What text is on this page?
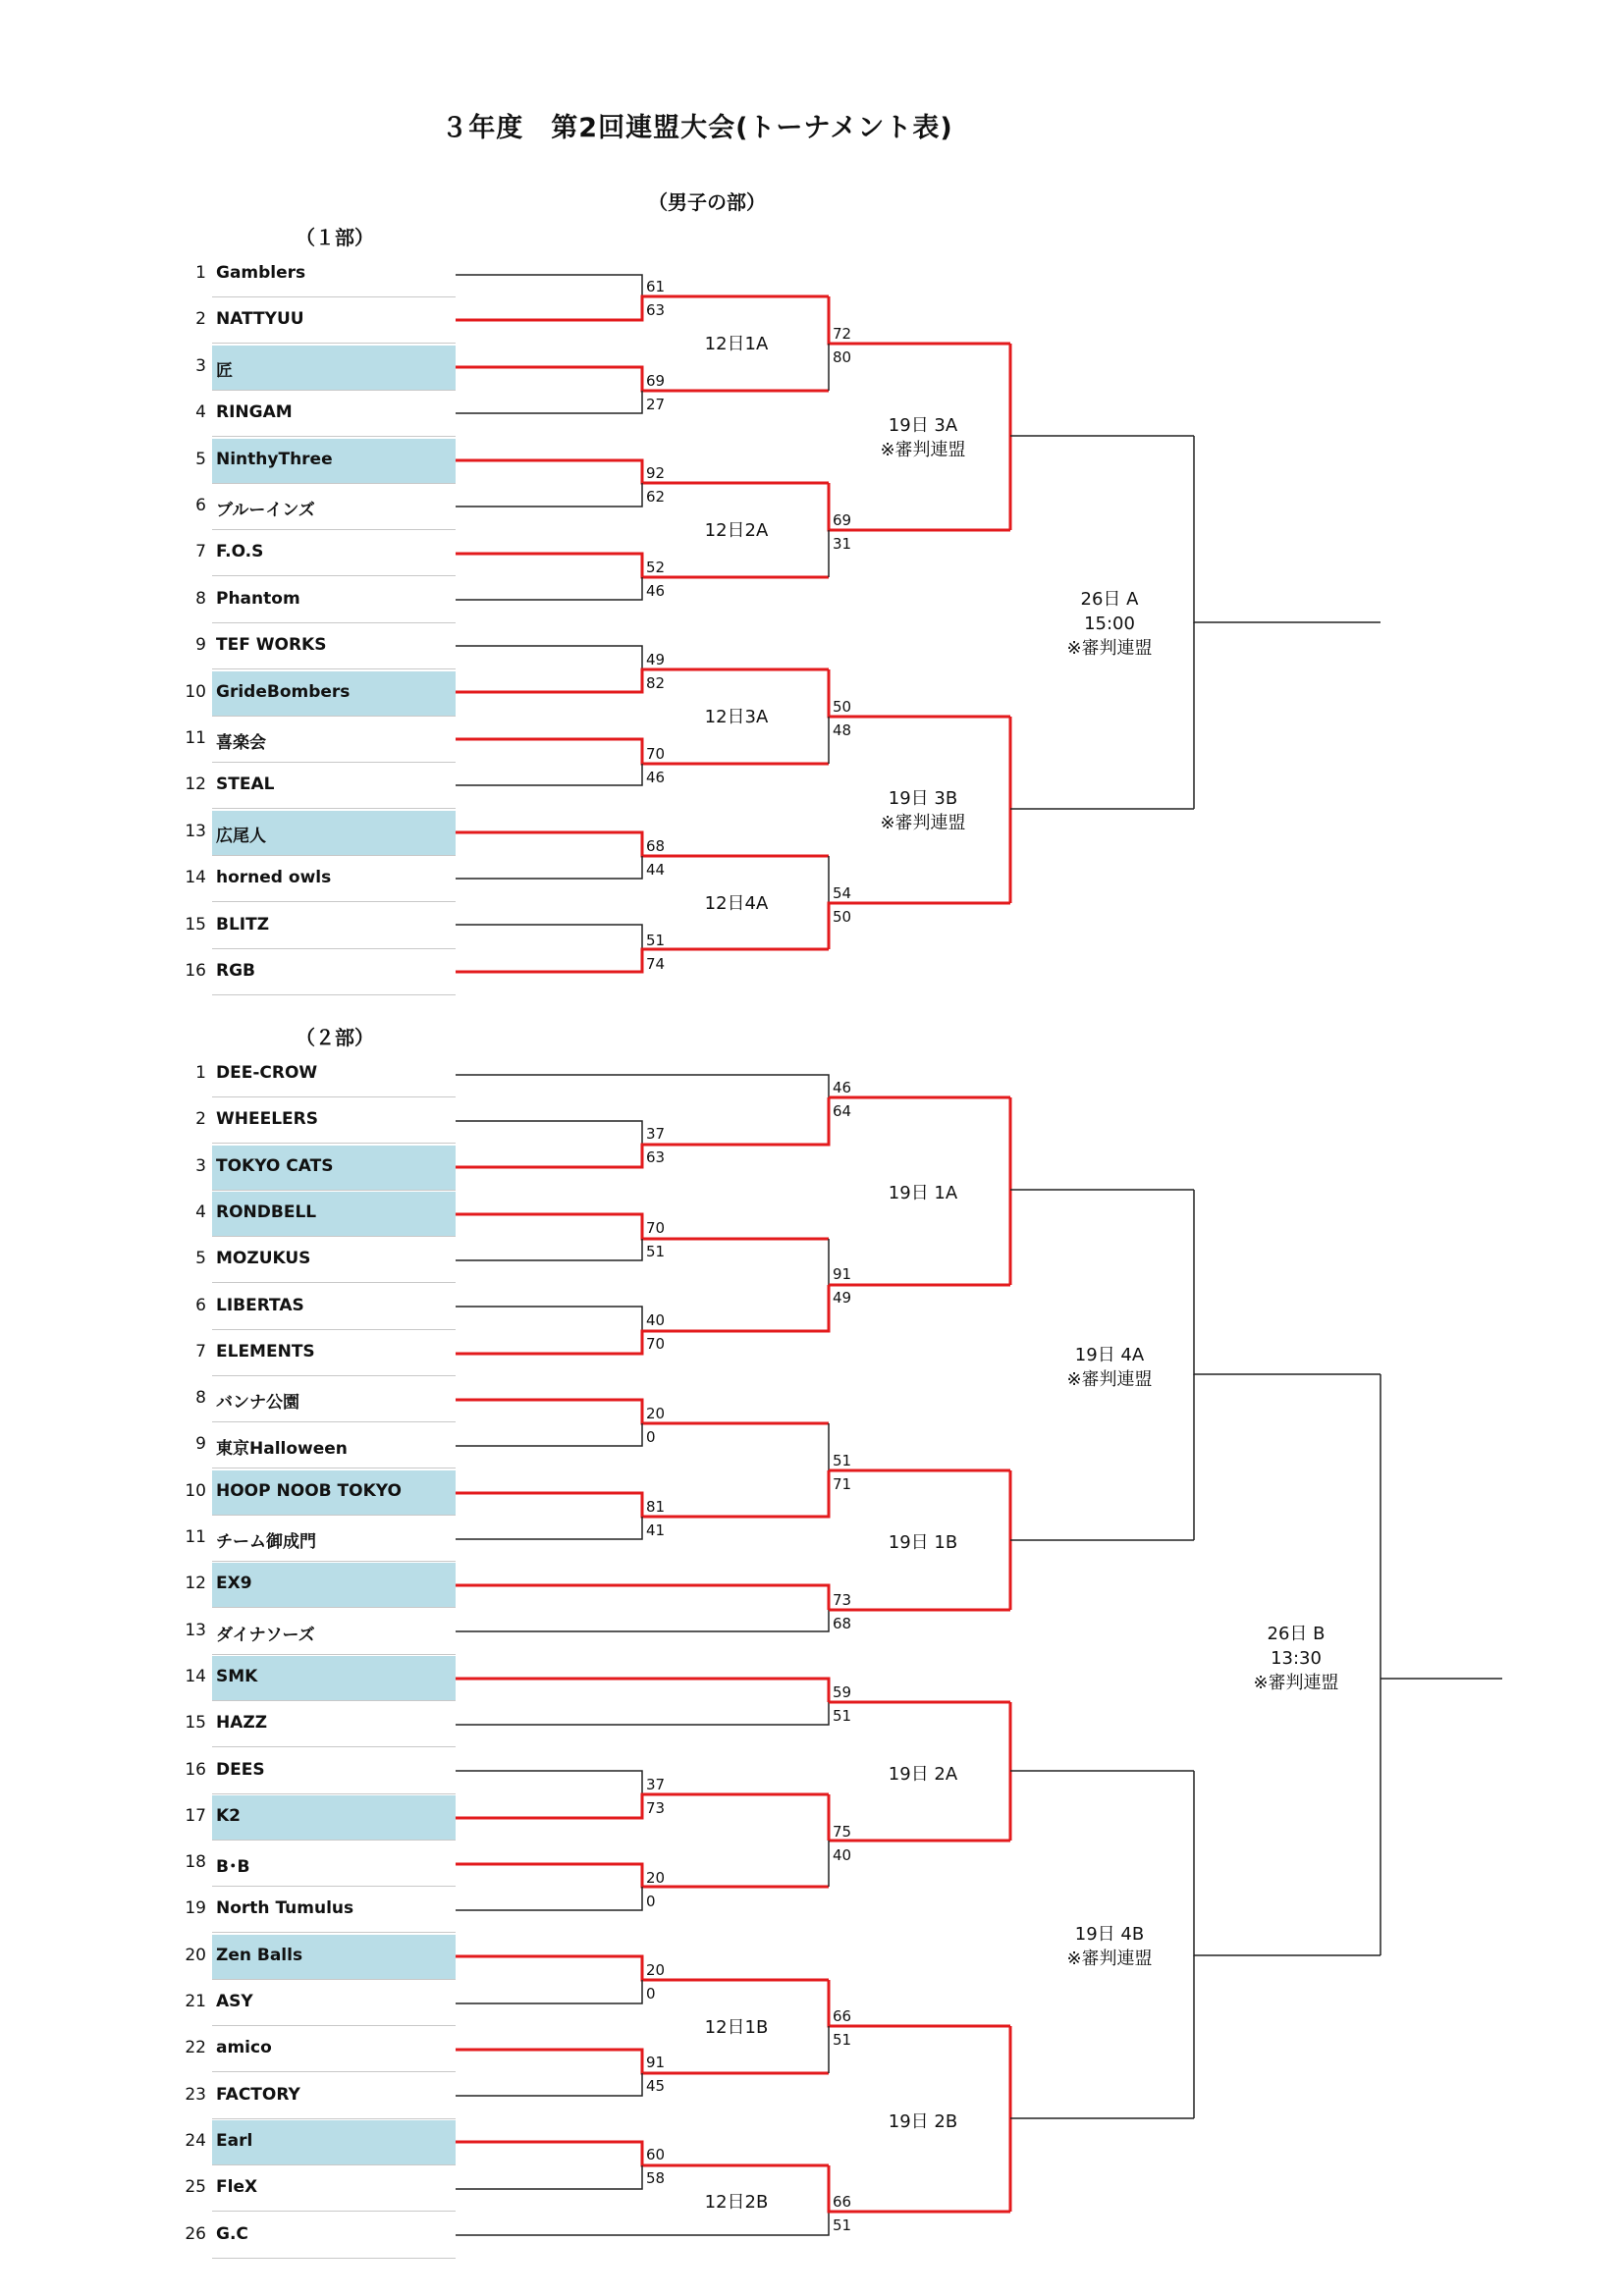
３年度　第2回連盟大会(トーナメント表)
（男子の部）
（１部）
（２部）
1 Gamblers
2 NATTYUU
3 匠
4 RINGAM
5 NinthyThree
6 ブルーインズ
7 F.O.S
8 Phantom
9 TEF WORKS
10 GrideBombers
11 喜楽会
12 STEAL
13 広尾人
14 horned owls
15 BLITZ
16 RGB
1 DEE-CROW
2 WHEELERS
3 TOKYO CATS
4 RONDBELL
5 MOZUKUS
6 LIBERTAS
7 ELEMENTS
8 バンナ公園
9 東京Halloween
10 HOOP NOOB TOKYO
11 チーム御成門
12 EX9
13 ダイナソーズ
14 SMK
15 HAZZ
16 DEES
17 K2
18 B･B
19 North Tumulus
20 Zen Balls
21 ASY
22 amico
23 FACTORY
24 Earl
25 FleX
26 G.C
61
63
69
27
92
62
52
46
49
82
70
46
68
44
51
74
72
80
69
31
50
48
54
50
37
63
70
51
40
70
20
0
81
41
20
0
91
45
60
58
37
73
20
0
46
64
91
49
51
71
73
68
59
51
75
40
66
51
66
51
12日1A
12日2A
12日3A
12日4A
19日 3A
※審判連盟
19日 3B
※審判連盟
26日 A
15:00
※審判連盟
19日 1A
19日 1B
19日 2A
19日 2B
19日 4A
※審判連盟
19日 4B
※審判連盟
12日1B
12日2B
26日 B
13:30
※審判連盟
